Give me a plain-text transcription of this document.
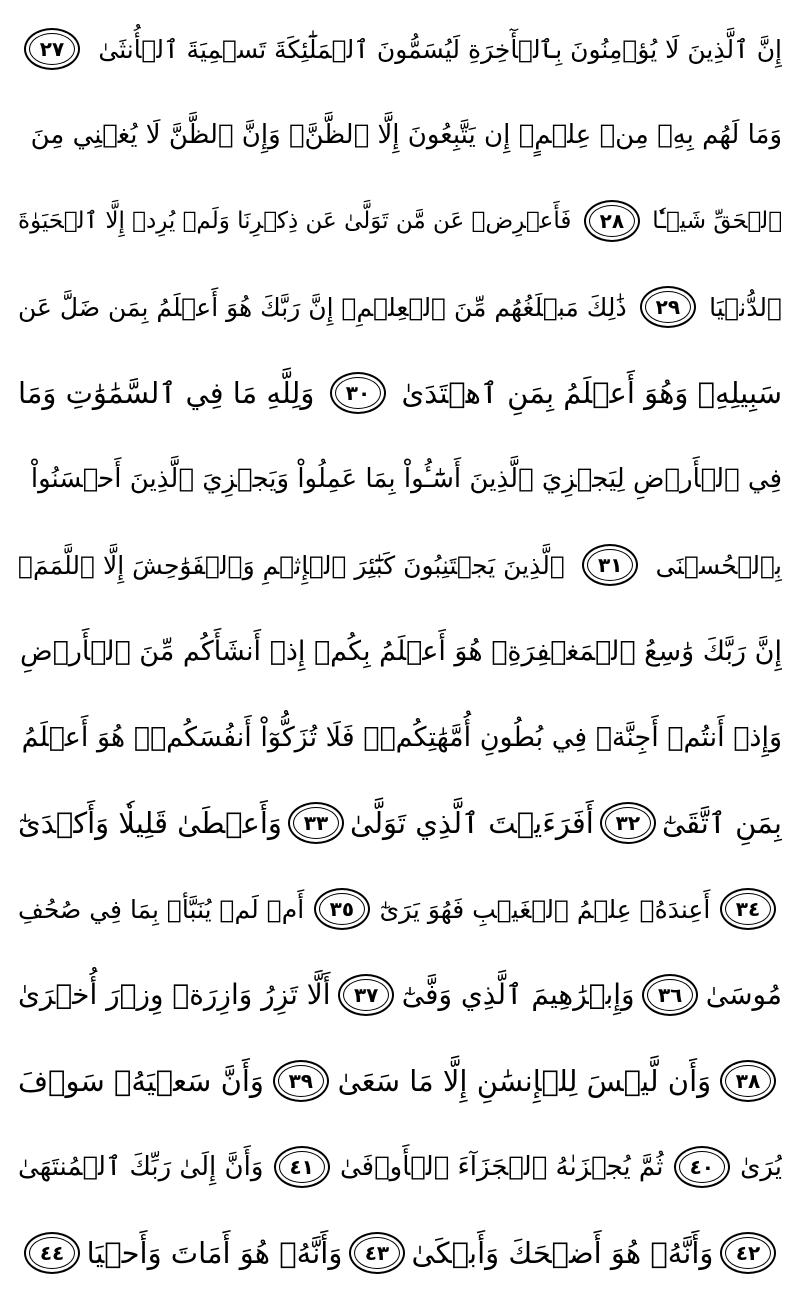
إِنَّ ٱلَّذِينَ لَا يُؤۡمِنُونَ بِٱلۡأٓخِرَةِ لَيُسَمُّونَ ٱلۡمَلَٰٓئِكَةَ تَسۡمِيَةَ ٱلۡأُنثَىٰ
٢٧
وَمَا لَهُم بِهِۦ مِنۡ عِلۡمٍۖ إِن يَتَّبِعُونَ إِلَّا ٱلظَّنَّۖ وَإِنَّ ٱلظَّنَّ لَا يُغۡنِي مِنَ
ٱلۡحَقِّ شَيۡـٔٗا
٢٨
فَأَعۡرِضۡ عَن مَّن تَوَلَّىٰ عَن ذِكۡرِنَا وَلَمۡ يُرِدۡ إِلَّا ٱلۡحَيَوٰةَ
ٱلدُّنۡيَا
٢٩
ذَٰلِكَ مَبۡلَغُهُم مِّنَ ٱلۡعِلۡمِۚ إِنَّ رَبَّكَ هُوَ أَعۡلَمُ بِمَن ضَلَّ عَن
سَبِيلِهِۦ وَهُوَ أَعۡلَمُ بِمَنِ ٱهۡتَدَىٰ
٣٠
وَلِلَّهِ مَا فِي ٱلسَّمَٰوَٰتِ وَمَا
فِي ٱلۡأَرۡضِ لِيَجۡزِيَ ٱلَّذِينَ أَسَٰٓـُٔواْ بِمَا عَمِلُواْ وَيَجۡزِيَ ٱلَّذِينَ أَحۡسَنُواْ
بِٱلۡحُسۡنَى
٣١
ٱلَّذِينَ يَجۡتَنِبُونَ كَبَٰٓئِرَ ٱلۡإِثۡمِ وَٱلۡفَوَٰحِشَ إِلَّا ٱللَّمَمَۚ
إِنَّ رَبَّكَ وَٰسِعُ ٱلۡمَغۡفِرَةِۚ هُوَ أَعۡلَمُ بِكُمۡ إِذۡ أَنشَأَكُم مِّنَ ٱلۡأَرۡضِ
وَإِذۡ أَنتُمۡ أَجِنَّةٞ فِي بُطُونِ أُمَّهَٰتِكُمۡۖ فَلَا تُزَكُّوٓاْ أَنفُسَكُمۡۖ هُوَ أَعۡلَمُ
بِمَنِ ٱتَّقَىٰٓ
٣٢
أَفَرَءَيۡتَ ٱلَّذِي تَوَلَّىٰ
٣٣
وَأَعۡطَىٰ قَلِيلٗا وَأَكۡدَىٰٓ
٣٤
أَعِندَهُۥ عِلۡمُ ٱلۡغَيۡبِ فَهُوَ يَرَىٰٓ
٣٥
أَمۡ لَمۡ يُنَبَّأۡ بِمَا فِي صُحُفِ
مُوسَىٰ
٣٦
وَإِبۡرَٰهِيمَ ٱلَّذِي وَفَّىٰٓ
٣٧
أَلَّا تَزِرُ وَازِرَةٞ وِزۡرَ أُخۡرَىٰ
٣٨
وَأَن لَّيۡسَ لِلۡإِنسَٰنِ إِلَّا مَا سَعَىٰ
٣٩
وَأَنَّ سَعۡيَهُۥ سَوۡفَ
يُرَىٰ
٤٠
ثُمَّ يُجۡزَىٰهُ ٱلۡجَزَآءَ ٱلۡأَوۡفَىٰ
٤١
وَأَنَّ إِلَىٰ رَبِّكَ ٱلۡمُنتَهَىٰ
٤٢
وَأَنَّهُۥ هُوَ أَضۡحَكَ وَأَبۡكَىٰ
٤٣
وَأَنَّهُۥ هُوَ أَمَاتَ وَأَحۡيَا
٤٤
